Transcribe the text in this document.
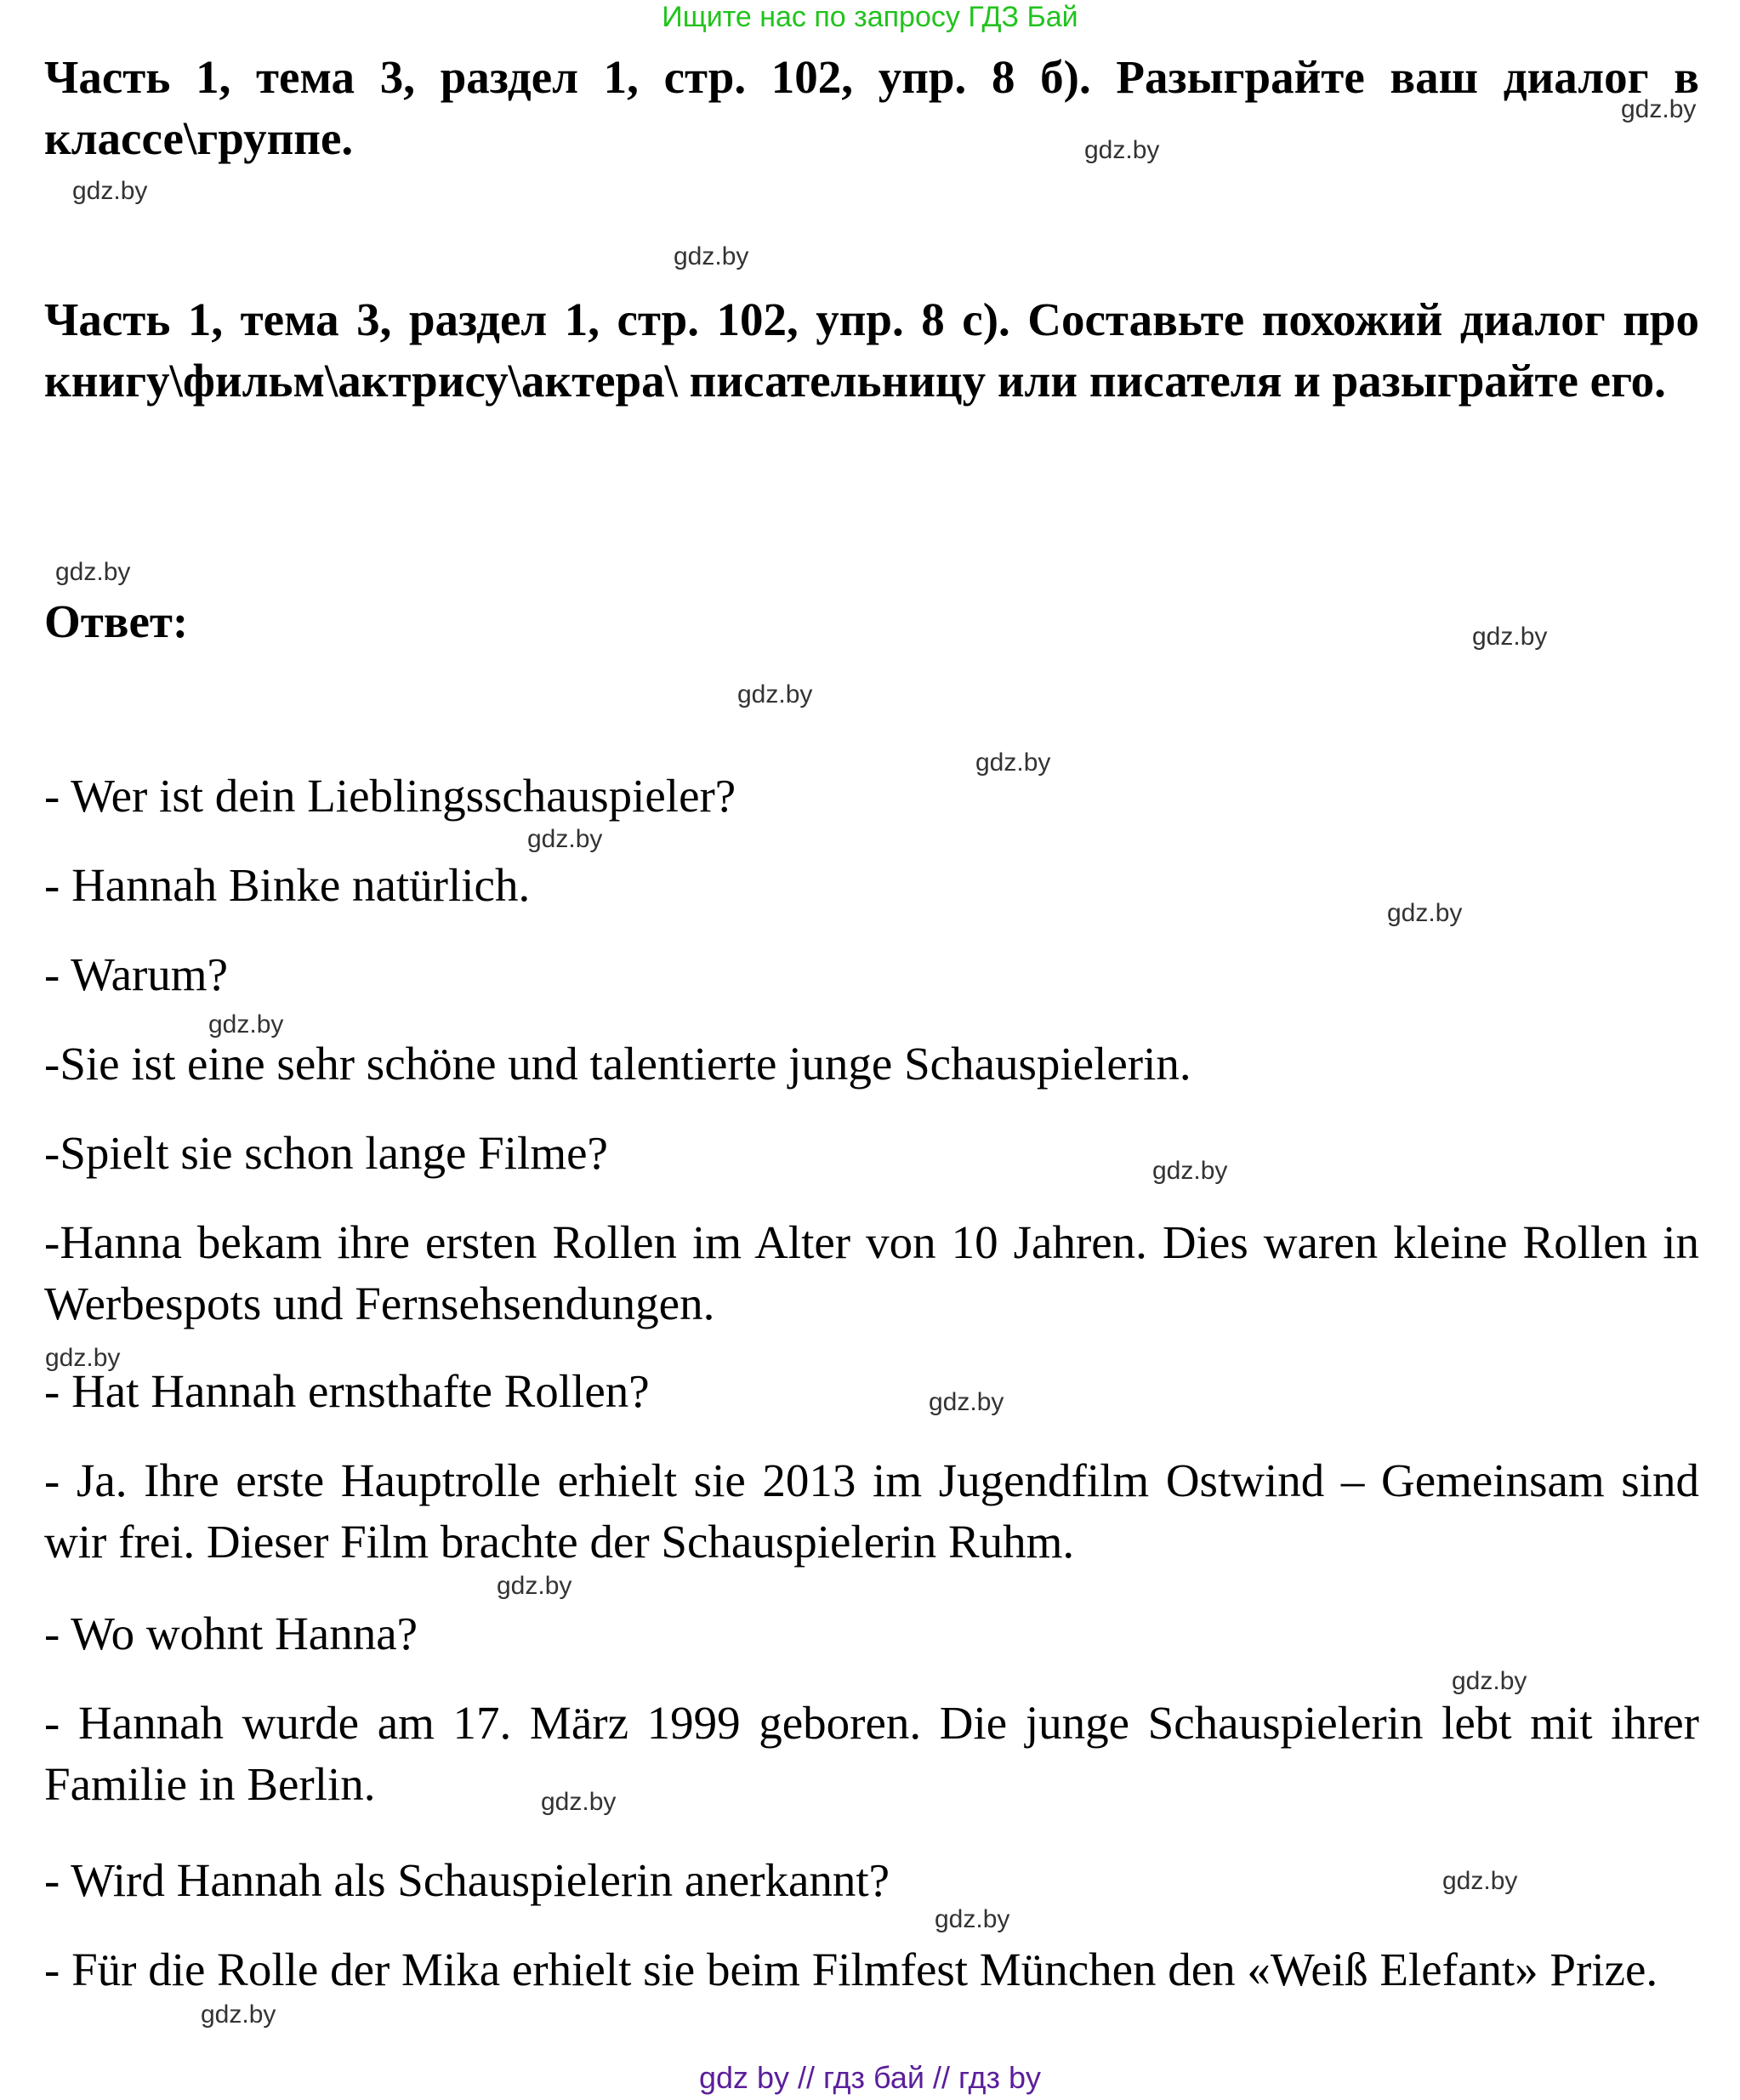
Ищите нас по запросу ГДЗ Бай
Часть 1, тема 3, раздел 1, стр. 102, упр. 8 б). Разыграйте ваш диалог в классе\группе.
Часть 1, тема 3, раздел 1, стр. 102, упр. 8 c). Составьте похожий диалог про книгу\фильм\актрису\актера\ писательницу или писателя и разыграйте его.
Ответ:
- Wer ist dein Lieblingsschauspieler?
- Hannah Binke natürlich.
- Warum?
-Sie ist eine sehr schöne und talentierte junge Schauspielerin.
-Spielt sie schon lange Filme?
-Hanna bekam ihre ersten Rollen im Alter von 10 Jahren. Dies waren kleine Rollen in Werbespots und Fernsehsendungen.
- Hat Hannah ernsthafte Rollen?
- Ja. Ihre erste Hauptrolle erhielt sie 2013 im Jugendfilm Ostwind – Gemeinsam sind wir frei. Dieser Film brachte der Schauspielerin Ruhm.
- Wo wohnt Hanna?
- Hannah wurde am 17. März 1999 geboren. Die junge Schauspielerin lebt mit ihrer Familie in Berlin.
- Wird Hannah als Schauspielerin anerkannt?
- Für die Rolle der Mika erhielt sie beim Filmfest München den «Weiß Elefant» Prize.
gdz.by
gdz.by
gdz.by
gdz.by
gdz.by
gdz.by
gdz.by
gdz.by
gdz.by
gdz.by
gdz.by
gdz.by
gdz.by
gdz.by
gdz.by
gdz.by
gdz.by
gdz.by
gdz.by
gdz.by
gdz by // гдз бай // гдз by
